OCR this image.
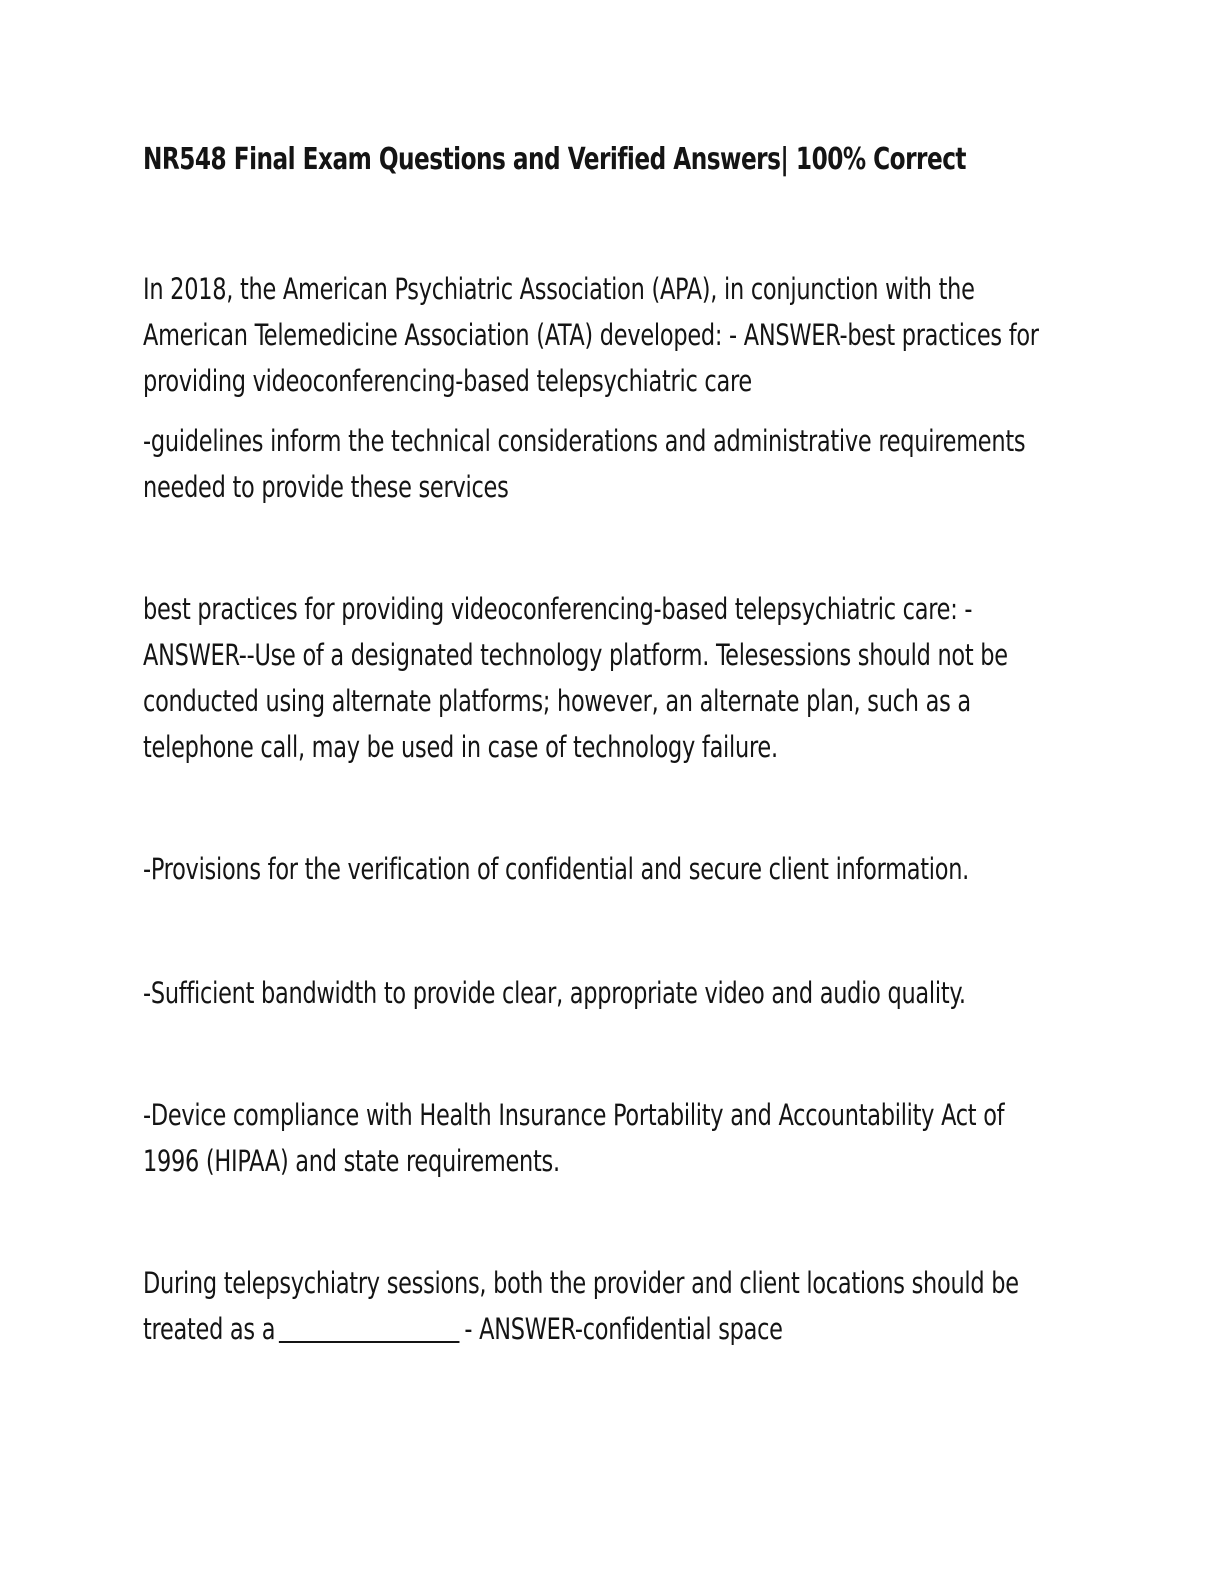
NR548 Final Exam Questions and Verified Answers| 100% Correct

In 2018, the American Psychiatric Association (APA), in conjunction with the
American Telemedicine Association (ATA) developed: - ANSWER-best practices for
providing videoconferencing-based telepsychiatric care

-guidelines inform the technical considerations and administrative requirements
needed to provide these services

best practices for providing videoconferencing-based telepsychiatric care: -
ANSWER--Use of a designated technology platform. Telesessions should not be
conducted using alternate platforms; however, an alternate plan, such as a
telephone call, may be used in case of technology failure.

-Provisions for the verification of confidential and secure client information.

-Sufficient bandwidth to provide clear, appropriate video and audio quality.

-Device compliance with Health Insurance Portability and Accountability Act of
1996 (HIPAA) and state requirements.

During telepsychiatry sessions, both the provider and client locations should be
treated as a	- ANSWER-confidential space
